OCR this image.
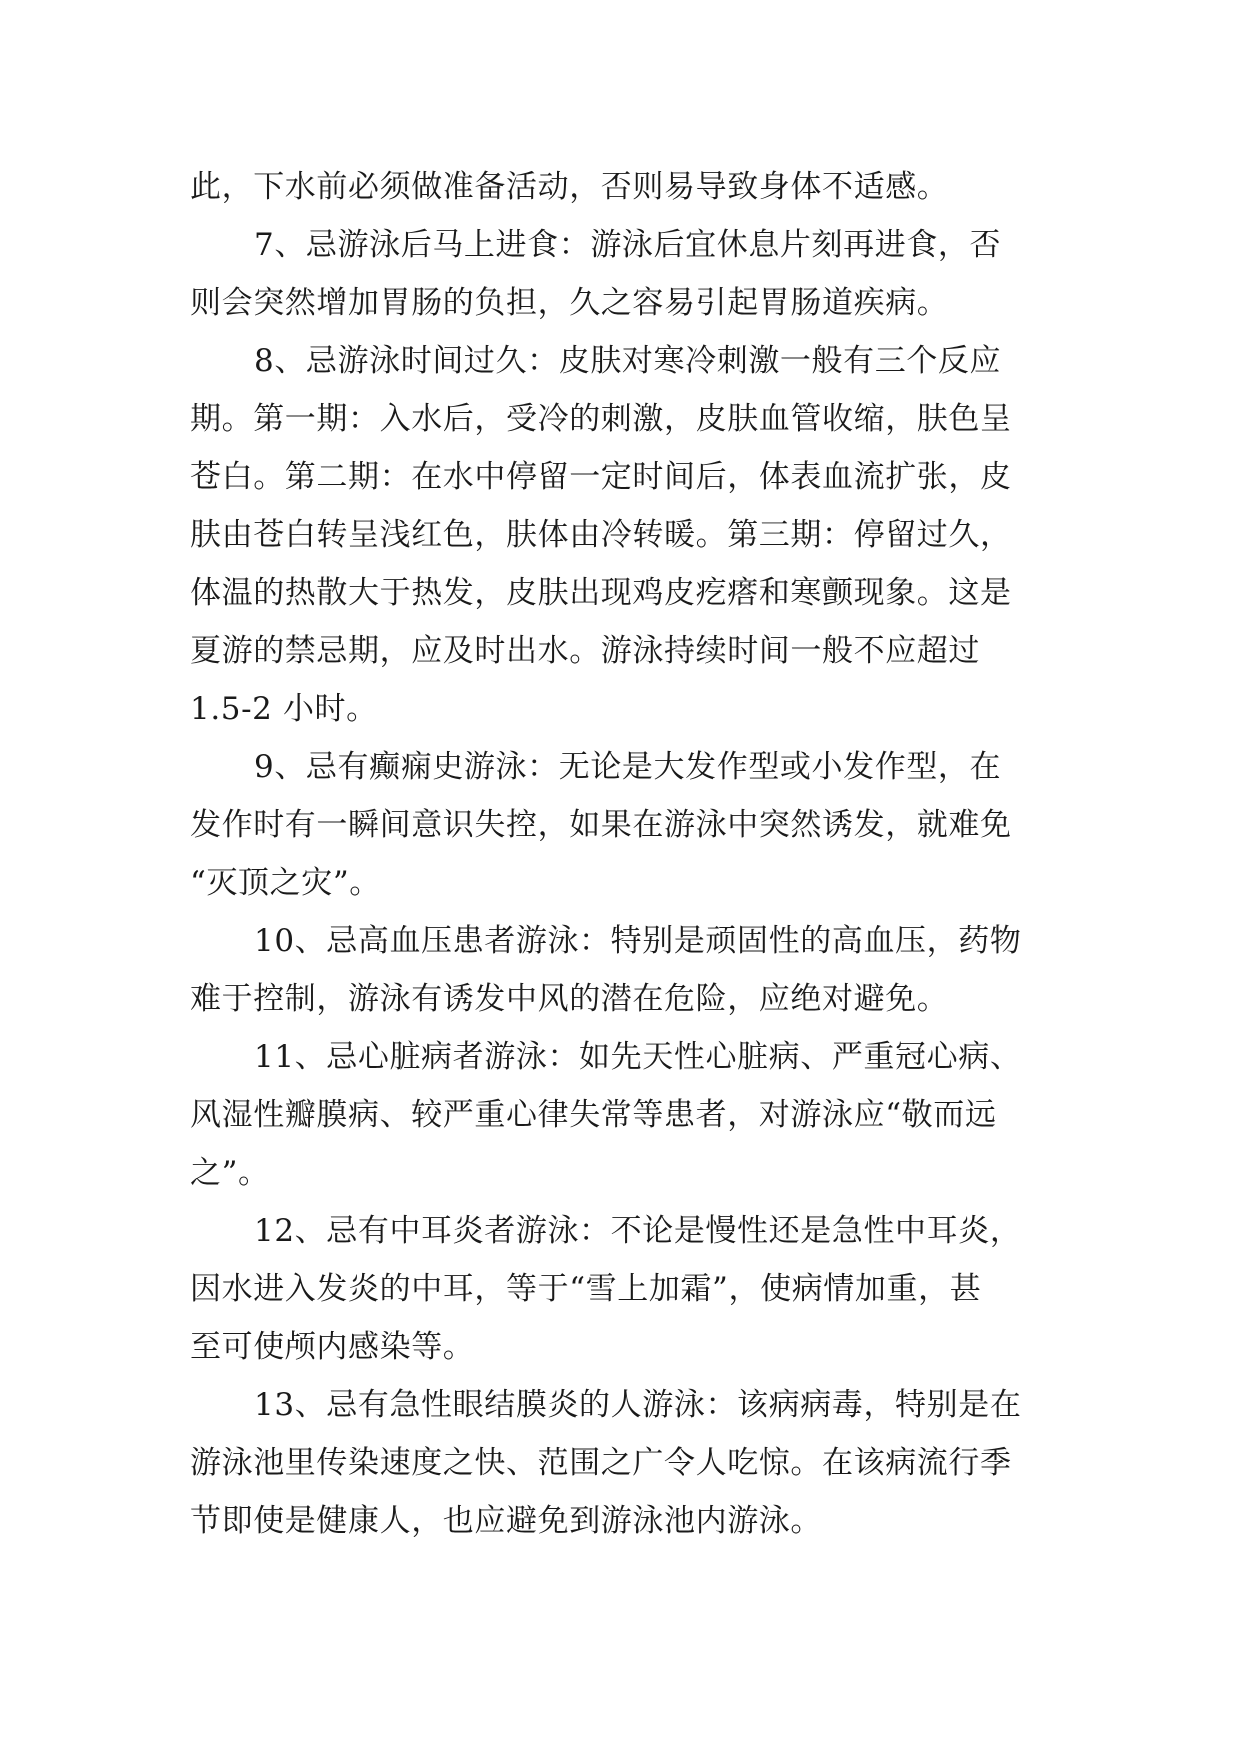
此，下水前必须做准备活动，否则易导致身体不适感。
7、忌游泳后马上进食：游泳后宜休息片刻再进食，否
则会突然增加胃肠的负担，久之容易引起胃肠道疾病。
8、忌游泳时间过久：皮肤对寒冷刺激一般有三个反应
期。第一期：入水后，受冷的刺激，皮肤血管收缩，肤色呈
苍白。第二期：在水中停留一定时间后，体表血流扩张，皮
肤由苍白转呈浅红色，肤体由冷转暖。第三期：停留过久，
体温的热散大于热发，皮肤出现鸡皮疙瘩和寒颤现象。这是
夏游的禁忌期，应及时出水。游泳持续时间一般不应超过
1.5-2 小时。
9、忌有癫痫史游泳：无论是大发作型或小发作型，在
发作时有一瞬间意识失控，如果在游泳中突然诱发，就难免
“灭顶之灾”。
10、忌高血压患者游泳：特别是顽固性的高血压，药物
难于控制，游泳有诱发中风的潜在危险，应绝对避免。
11、忌心脏病者游泳：如先天性心脏病、严重冠心病、
风湿性瓣膜病、较严重心律失常等患者，对游泳应“敬而远
之”。
12、忌有中耳炎者游泳：不论是慢性还是急性中耳炎，
因水进入发炎的中耳，等于“雪上加霜”，使病情加重，甚
至可使颅内感染等。
13、忌有急性眼结膜炎的人游泳：该病病毒，特别是在
游泳池里传染速度之快、范围之广令人吃惊。在该病流行季
节即使是健康人，也应避免到游泳池内游泳。
